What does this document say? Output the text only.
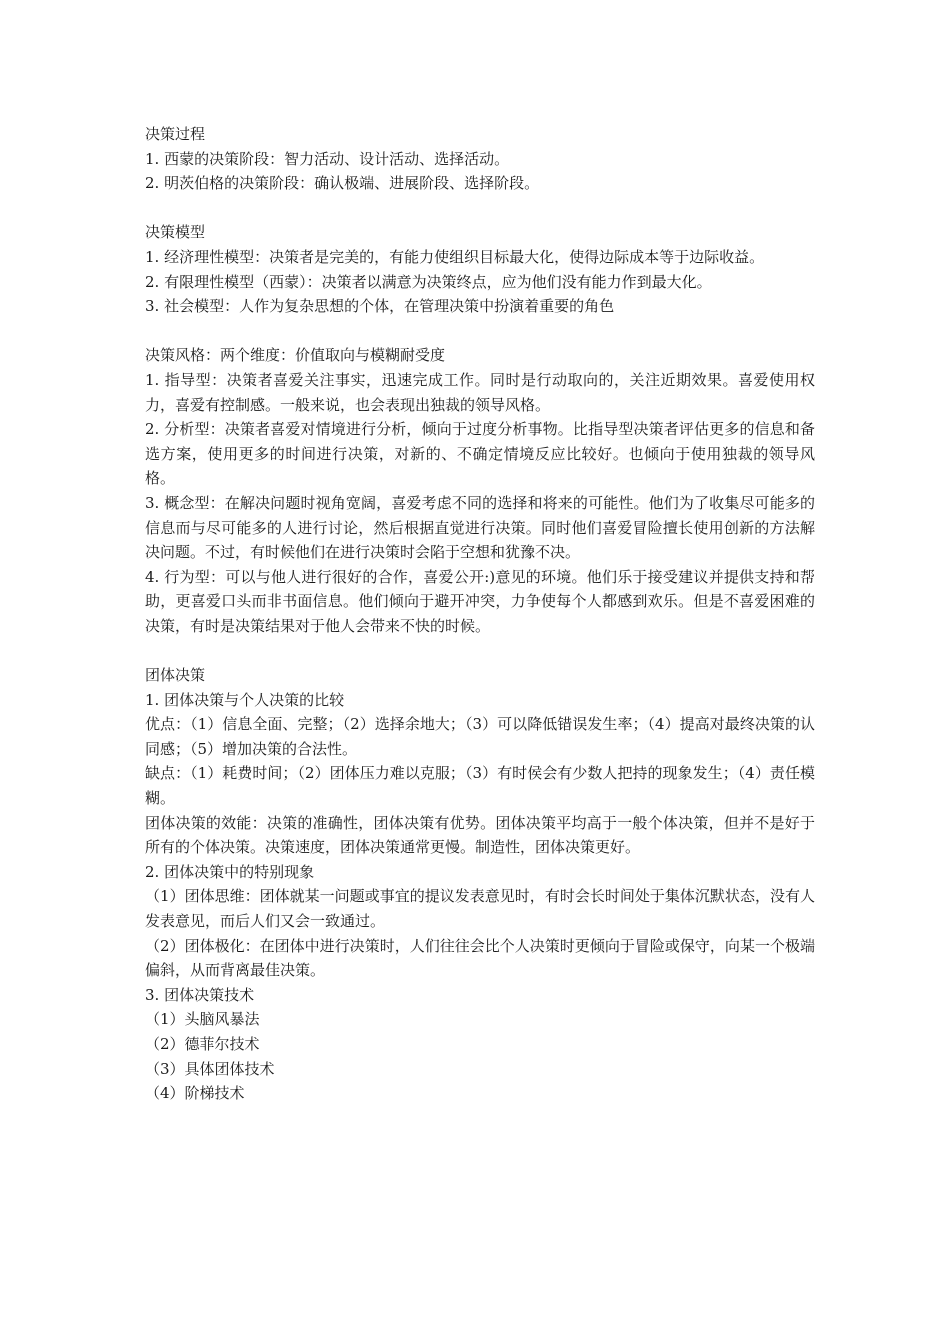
决策过程

1. 西蒙的决策阶段：智力活动、设计活动、选择活动。

2. 明茨伯格的决策阶段：确认极端、进展阶段、选择阶段。

决策模型

1. 经济理性模型：决策者是完美的，有能力使组织目标最大化，使得边际成本等于边际收益。

2. 有限理性模型（西蒙）：决策者以满意为决策终点，应为他们没有能力作到最大化。

3. 社会模型：人作为复杂思想的个体，在管理决策中扮演着重要的角色

决策风格：两个维度：价值取向与模糊耐受度

1. 指导型：决策者喜爱关注事实，迅速完成工作。同时是行动取向的，关注近期效果。喜爱使用权力，喜爱有控制感。一般来说，也会表现出独裁的领导风格。

2. 分析型：决策者喜爱对情境进行分析，倾向于过度分析事物。比指导型决策者评估更多的信息和备选方案，使用更多的时间进行决策，对新的、不确定情境反应比较好。也倾向于使用独裁的领导风格。

3. 概念型：在解决问题时视角宽阔，喜爱考虑不同的选择和将来的可能性。他们为了收集尽可能多的信息而与尽可能多的人进行讨论，然后根据直觉进行决策。同时他们喜爱冒险擅长使用创新的方法解决问题。不过，有时候他们在进行决策时会陷于空想和犹豫不决。

4. 行为型：可以与他人进行很好的合作，喜爱公开:)意见的环境。他们乐于接受建议并提供支持和帮助，更喜爱口头而非书面信息。他们倾向于避开冲突，力争使每个人都感到欢乐。但是不喜爱困难的决策，有时是决策结果对于他人会带来不快的时候。

团体决策

1. 团体决策与个人决策的比较

优点：（1）信息全面、完整；（2）选择余地大；（3）可以降低错误发生率；（4）提高对最终决策的认同感；（5）增加决策的合法性。

缺点：（1）耗费时间；（2）团体压力难以克服；（3）有时侯会有少数人把持的现象发生；（4）责任模糊。

团体决策的效能：决策的准确性，团体决策有优势。团体决策平均高于一般个体决策，但并不是好于所有的个体决策。决策速度，团体决策通常更慢。制造性，团体决策更好。

2. 团体决策中的特别现象

（1）团体思维：团体就某一问题或事宜的提议发表意见时，有时会长时间处于集体沉默状态，没有人发表意见，而后人们又会一致通过。

（2）团体极化：在团体中进行决策时，人们往往会比个人决策时更倾向于冒险或保守，向某一个极端偏斜，从而背离最佳决策。

3. 团体决策技术

（1）头脑风暴法

（2）德菲尔技术

（3）具体团体技术

（4）阶梯技术
